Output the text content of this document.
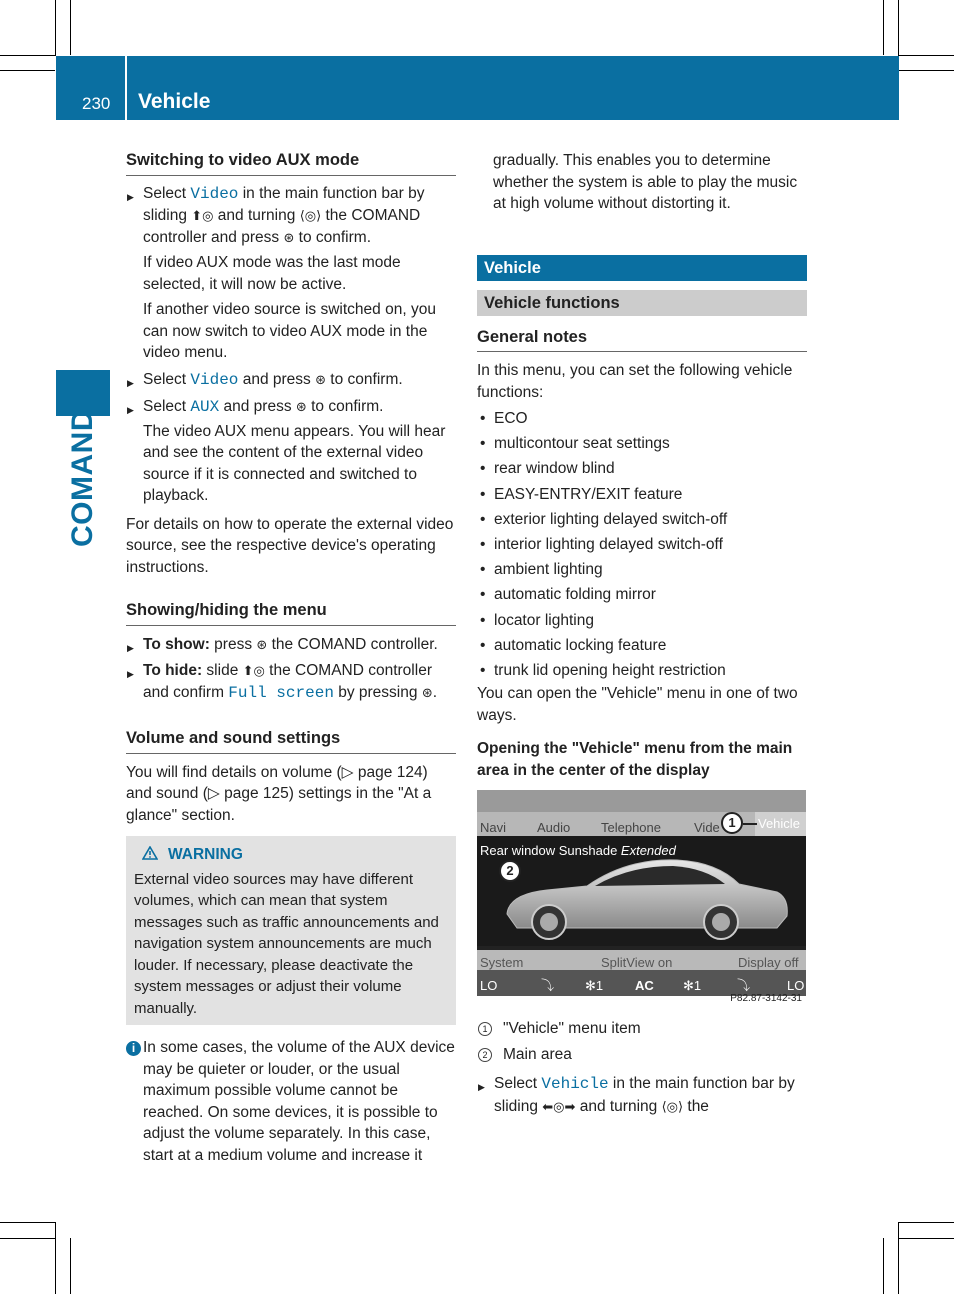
230 Vehicle
COMAND
Switching to video AUX mode
▶ Select Video in the main function bar by sliding ⬆◎ and turning ⟨◎⟩ the COMAND controller and press ⊛ to confirm.

If video AUX mode was the last mode selected, it will now be active.

If another video source is switched on, you can now switch to video AUX mode in the video menu.

▶ Select Video and press ⊛ to confirm.
▶ Select AUX and press ⊛ to confirm.

The video AUX menu appears. You will hear and see the content of the external video source if it is connected and switched to playback.

For details on how to operate the external video source, see the respective device's operating instructions.

Showing/hiding the menu
▶ To show: press ⊛ the COMAND controller.
▶ To hide: slide ⬆◎ the COMAND controller and confirm Full screen by pressing ⊛.
Volume and sound settings

You will find details on volume (▷ page 124) and sound (▷ page 125) settings in the "At a glance" section.

WARNING

External video sources may have different volumes, which can mean that system messages such as traffic announcements and navigation system announcements are much louder. If necessary, please deactivate the system messages or adjust their volume manually.

i In some cases, the volume of the AUX device may be quieter or louder, or the usual maximum possible volume cannot be reached. On some devices, it is possible to adjust the volume separately. In this case, start at a medium volume and increase it

gradually. This enables you to determine whether the system is able to play the music at high volume without distorting it.

Vehicle
Vehicle functions
General notes

In this menu, you can set the following vehicle functions:

• ECO
• multicontour seat settings
• rear window blind
• EASY-ENTRY/EXIT feature
• exterior lighting delayed switch-off
• interior lighting delayed switch-off
• ambient lighting
• automatic folding mirror
• locator lighting
• automatic locking feature
• trunk lid opening height restriction

You can open the "Vehicle" menu in one of two ways.

Opening the "Vehicle" menu from the main area in the center of the display

Navi Audio Telephone	Vide	Vehicle
1
Rear window Sunshade Extended
2
System	SplitView on	Display off
LO	⤵ ✻1 AC ✻1	⤵	LO
P82.87-3142-31
1 "Vehicle" menu item
2 Main area
▶ Select Vehicle in the main function bar by sliding ⬅◎➡ and turning ⟨◎⟩ the
